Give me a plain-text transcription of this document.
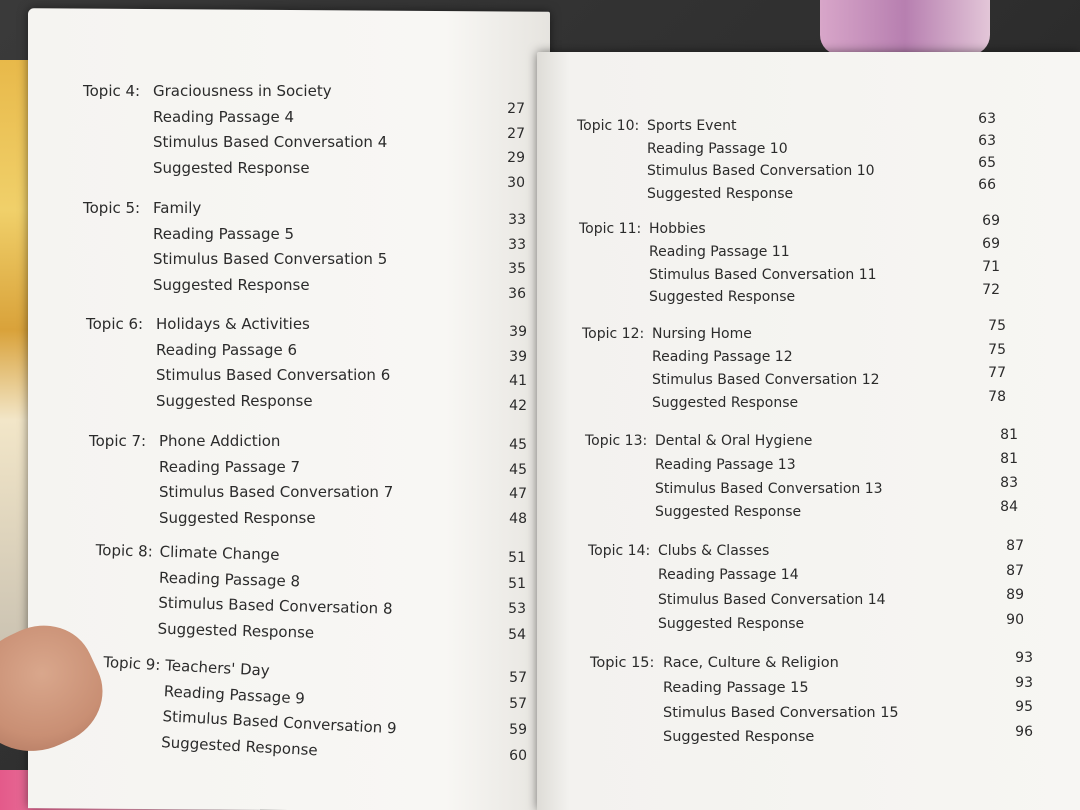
Topic 4: Graciousness in Society
Reading Passage 4
Stimulus Based Conversation 4
Suggested Response
27
27
29
30
Topic 5: Family
Reading Passage 5
Stimulus Based Conversation 5
Suggested Response
33
33
35
36
Topic 6: Holidays & Activities
Reading Passage 6
Stimulus Based Conversation 6
Suggested Response
39
39
41
42
Topic 7: Phone Addiction
Reading Passage 7
Stimulus Based Conversation 7
Suggested Response
45
45
47
48
Topic 8: Climate Change
Reading Passage 8
Stimulus Based Conversation 8
Suggested Response
51
51
53
54
Topic 9: Teachers' Day
Reading Passage 9
Stimulus Based Conversation 9
Suggested Response
57
57
59
60
Topic 10: Sports Event
Reading Passage 10
Stimulus Based Conversation 10
Suggested Response
63
63
65
66
Topic 11: Hobbies
Reading Passage 11
Stimulus Based Conversation 11
Suggested Response
69
69
71
72
Topic 12: Nursing Home
Reading Passage 12
Stimulus Based Conversation 12
Suggested Response
75
75
77
78
Topic 13: Dental & Oral Hygiene
Reading Passage 13
Stimulus Based Conversation 13
Suggested Response
81
81
83
84
Topic 14: Clubs & Classes
Reading Passage 14
Stimulus Based Conversation 14
Suggested Response
87
87
89
90
Topic 15: Race, Culture & Religion
Reading Passage 15
Stimulus Based Conversation 15
Suggested Response
93
93
95
96
